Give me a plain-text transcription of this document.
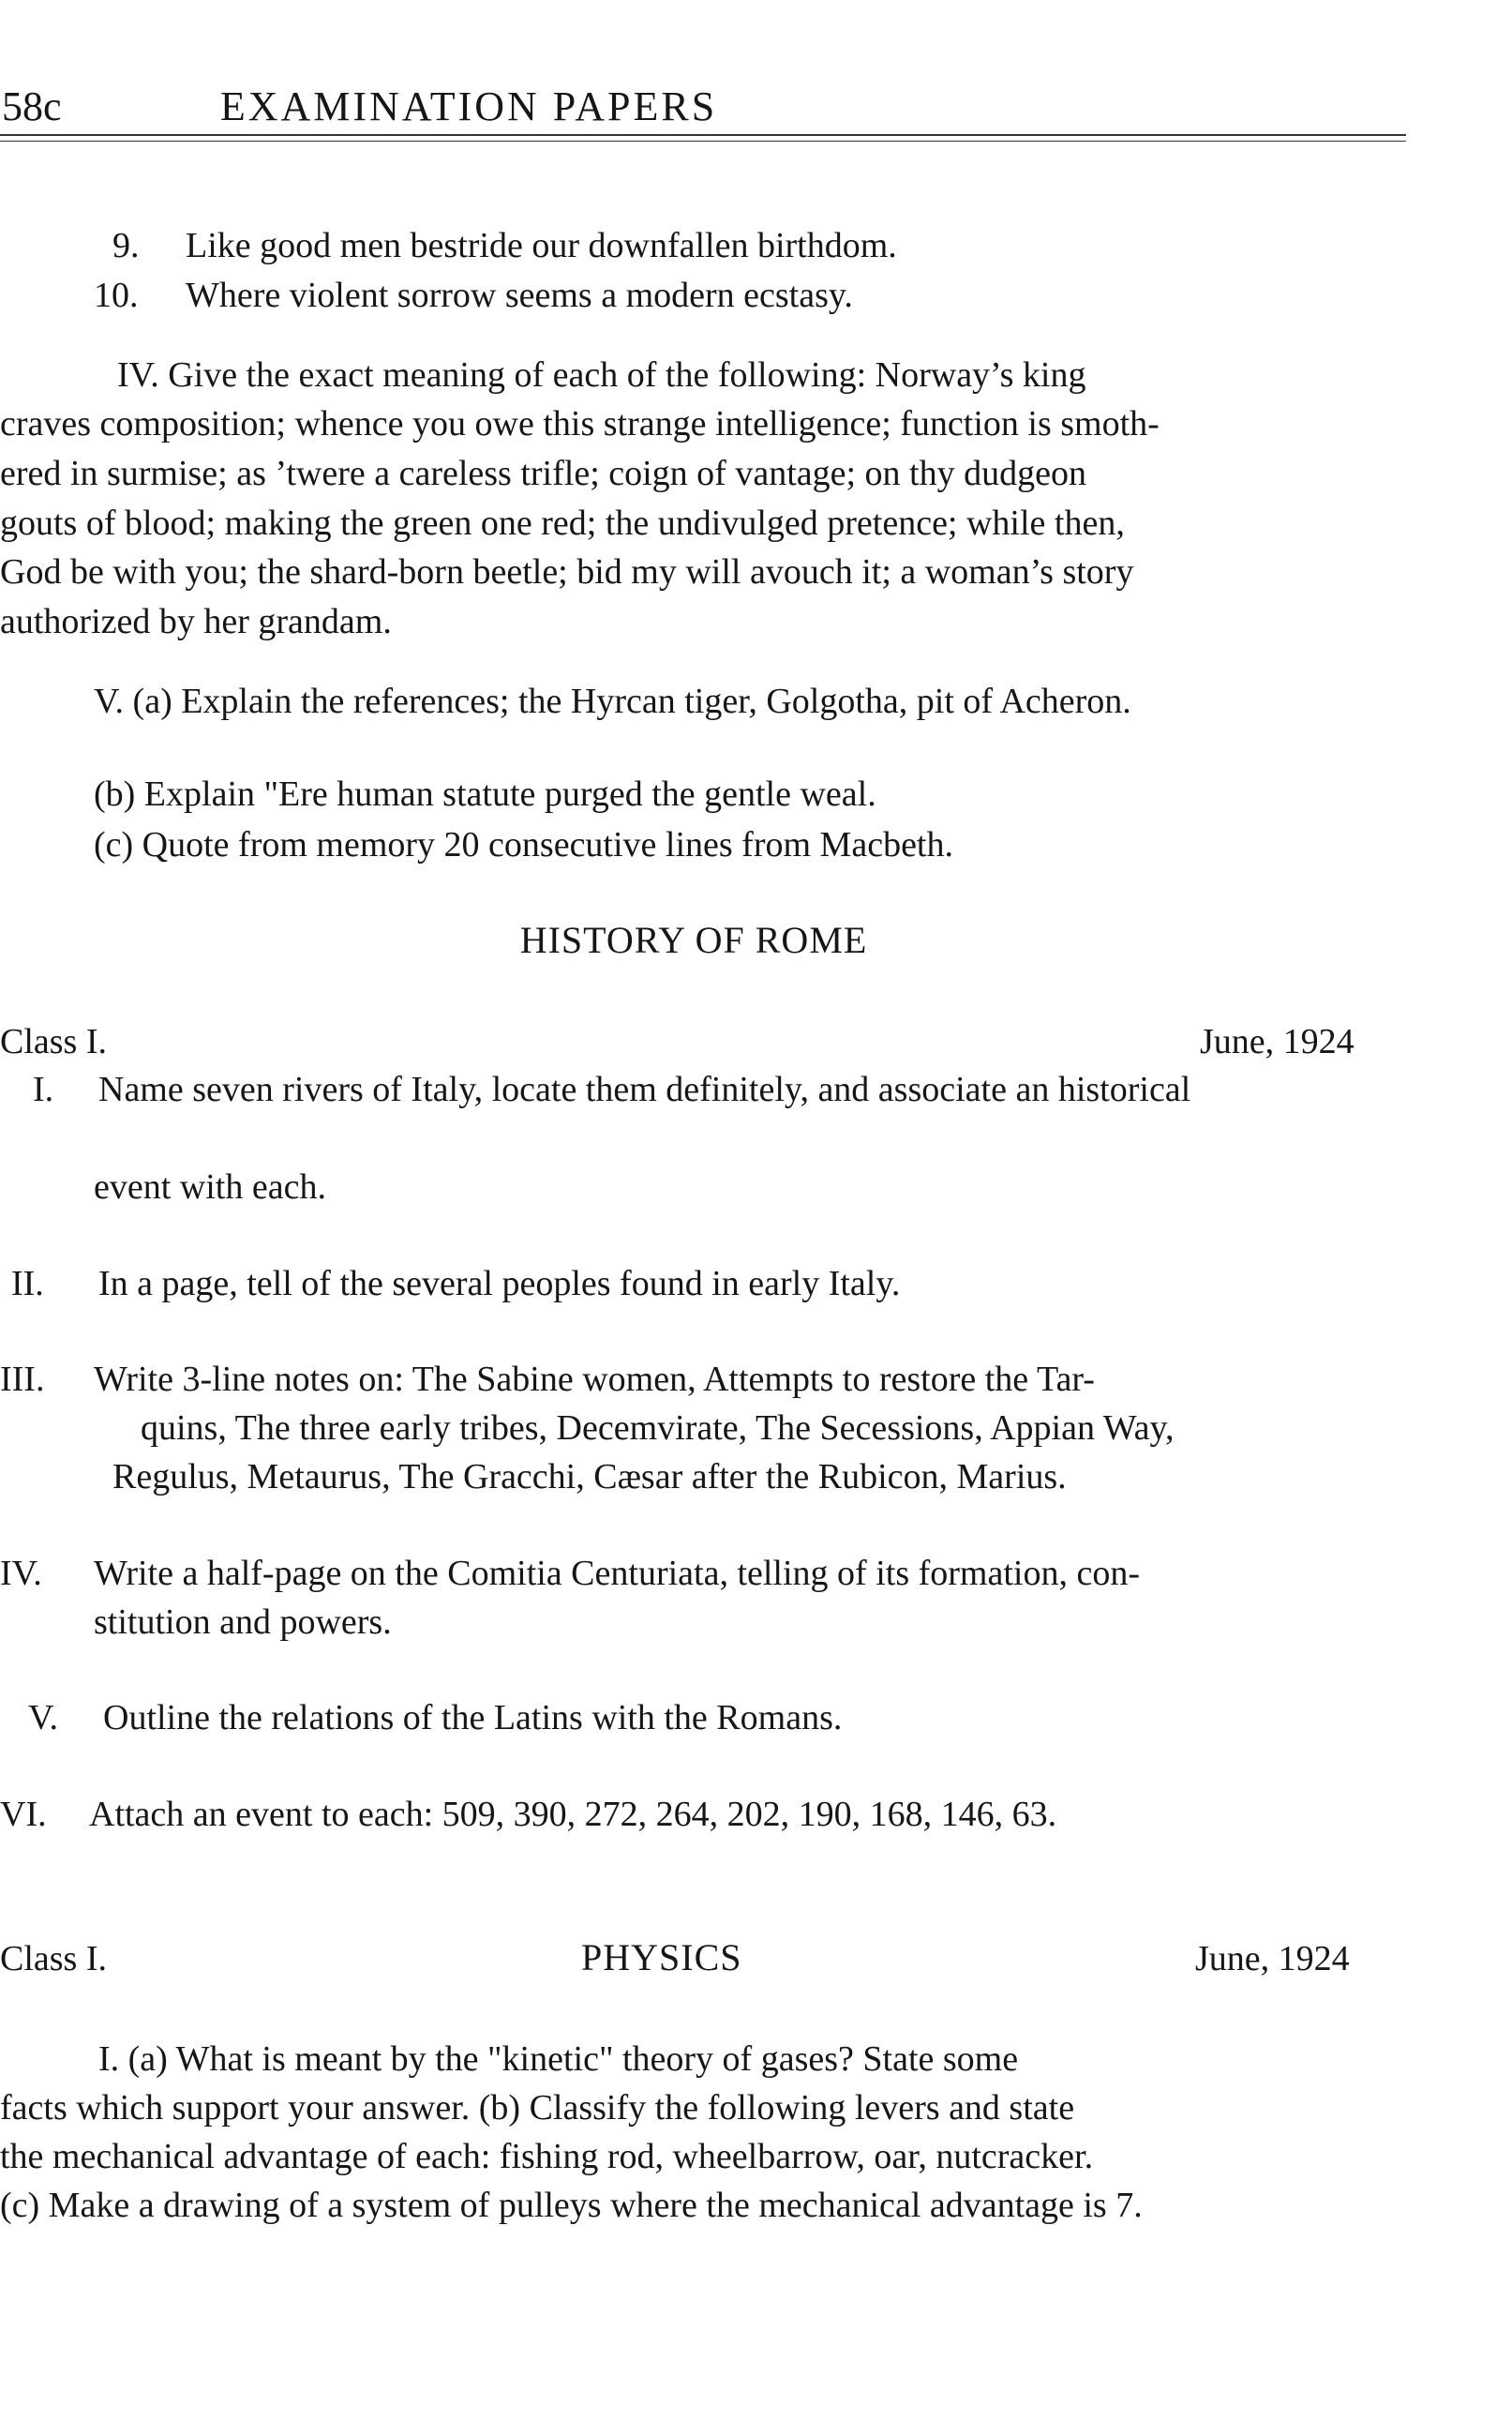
58c	EXAMINATION PAPERS
9. Like good men bestride our downfallen birthdom.
10. Where violent sorrow seems a modern ecstasy.
IV. Give the exact meaning of each of the following: Norway’s king
craves composition; whence you owe this strange intelligence; function is smoth-
ered in surmise; as ’twere a careless trifle; coign of vantage; on thy dudgeon
gouts of blood; making the green one red; the undivulged pretence; while then,
God be with you; the shard-born beetle; bid my will avouch it; a woman’s story
authorized by her grandam.
V. (a) Explain the references; the Hyrcan tiger, Golgotha, pit of Acheron.
(b) Explain "Ere human statute purged the gentle weal.
(c) Quote from memory 20 consecutive lines from Macbeth.
HISTORY OF ROME
Class I.	June, 1924
I. Name seven rivers of Italy, locate them definitely, and associate an historical
event with each.
II. In a page, tell of the several peoples found in early Italy.
III. Write 3-line notes on: The Sabine women, Attempts to restore the Tar-
quins, The three early tribes, Decemvirate, The Secessions, Appian Way,
Regulus, Metaurus, The Gracchi, Cæsar after the Rubicon, Marius.
IV. Write a half-page on the Comitia Centuriata, telling of its formation, con-
stitution and powers.
V. Outline the relations of the Latins with the Romans.
VI. Attach an event to each: 509, 390, 272, 264, 202, 190, 168, 146, 63.
Class I.	PHYSICS	June, 1924
I. (a) What is meant by the "kinetic" theory of gases? State some
facts which support your answer. (b) Classify the following levers and state
the mechanical advantage of each: fishing rod, wheelbarrow, oar, nutcracker.
(c) Make a drawing of a system of pulleys where the mechanical advantage is 7.
